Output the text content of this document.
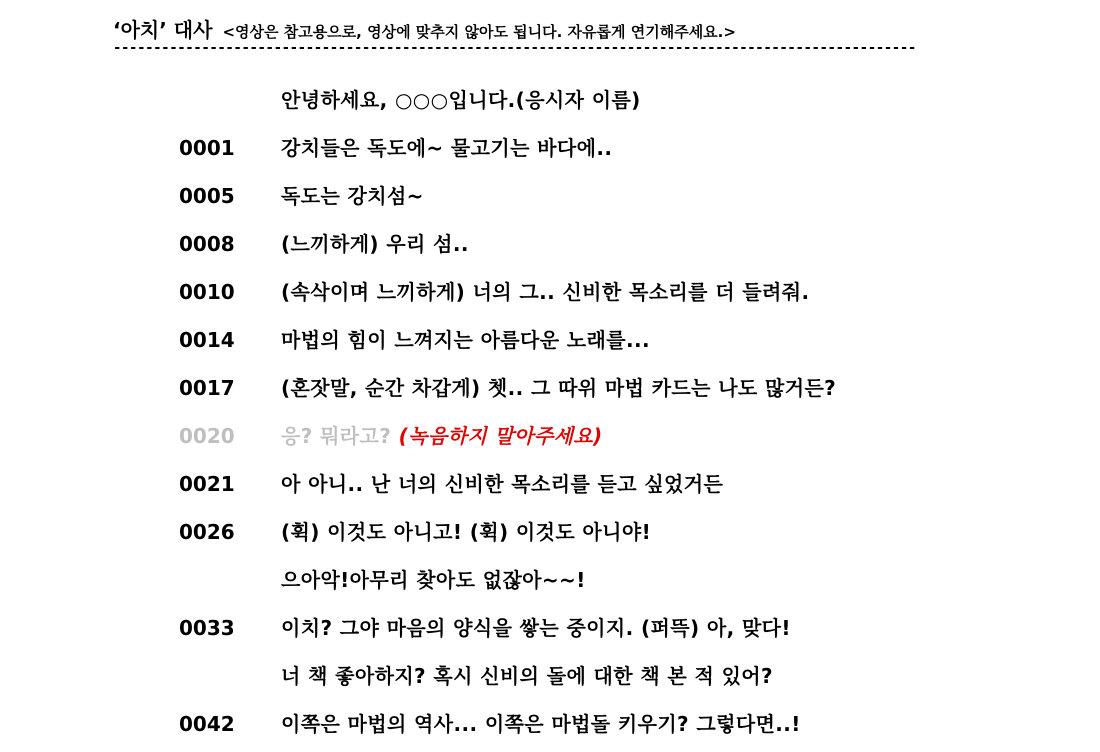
‘아치’ 대사 <영상은 참고용으로, 영상에 맞추지 않아도 됩니다. 자유롭게 연기해주세요.>
----------------------------------------------------------------------------------------------------
안녕하세요, ○○○입니다.(응시자 이름)
0001 강치들은 독도에~ 물고기는 바다에..
0005 독도는 강치섬~
0008 (느끼하게) 우리 섬..
0010 (속삭이며 느끼하게) 너의 그.. 신비한 목소리를 더 들려줘.
0014 마법의 힘이 느껴지는 아름다운 노래를...
0017 (혼잣말, 순간 차갑게) 쳇.. 그 따위 마법 카드는 나도 많거든?
0020 응? 뭐라고? (녹음하지 말아주세요)
0021 아 아니.. 난 너의 신비한 목소리를 듣고 싶었거든
0026 (휙) 이것도 아니고! (휙) 이것도 아니야!
으아악!아무리 찾아도 없잖아~~!
0033 이치? 그야 마음의 양식을 쌓는 중이지. (퍼뜩) 아, 맞다!
너 책 좋아하지? 혹시 신비의 돌에 대한 책 본 적 있어?
0042 이쪽은 마법의 역사... 이쪽은 마법돌 키우기? 그렇다면..!
